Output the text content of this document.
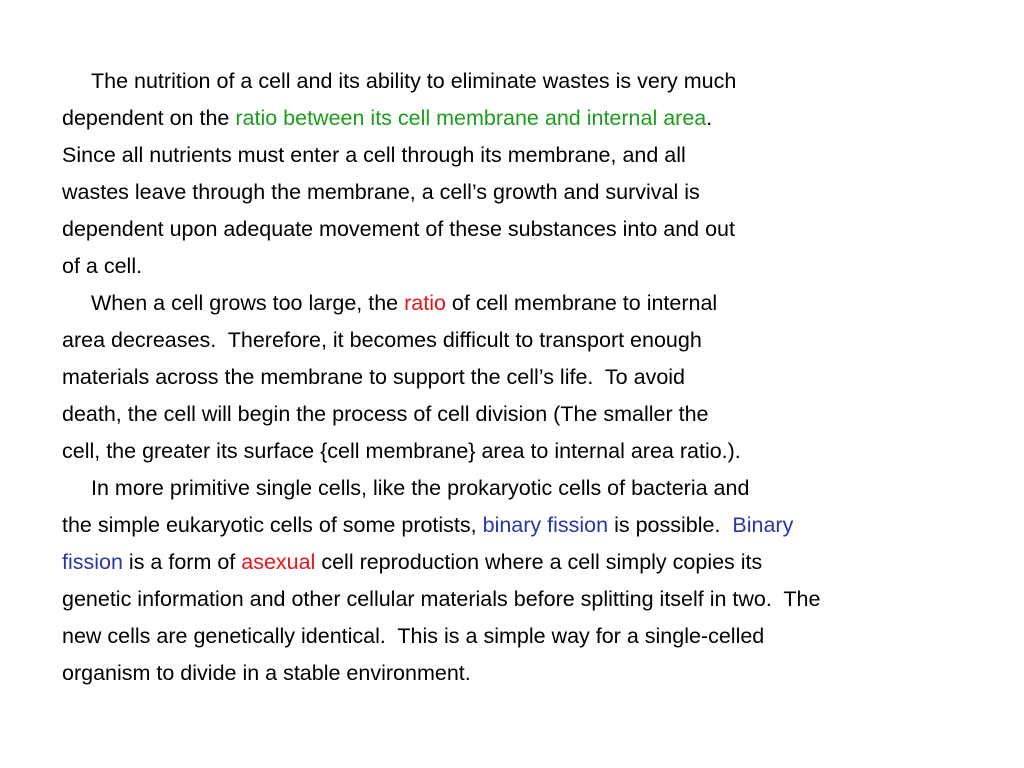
The nutrition of a cell and its ability to eliminate wastes is very much
dependent on the ratio between its cell membrane and internal area.
Since all nutrients must enter a cell through its membrane, and all
wastes leave through the membrane, a cell’s growth and survival is
dependent upon adequate movement of these substances into and out
of a cell.
When a cell grows too large, the ratio of cell membrane to internal
area decreases.  Therefore, it becomes difficult to transport enough
materials across the membrane to support the cell’s life.  To avoid
death, the cell will begin the process of cell division (The smaller the
cell, the greater its surface {cell membrane} area to internal area ratio.).
In more primitive single cells, like the prokaryotic cells of bacteria and
the simple eukaryotic cells of some protists, binary fission is possible.  Binary
fission is a form of asexual cell reproduction where a cell simply copies its
genetic information and other cellular materials before splitting itself in two.  The
new cells are genetically identical.  This is a simple way for a single-celled
organism to divide in a stable environment.
